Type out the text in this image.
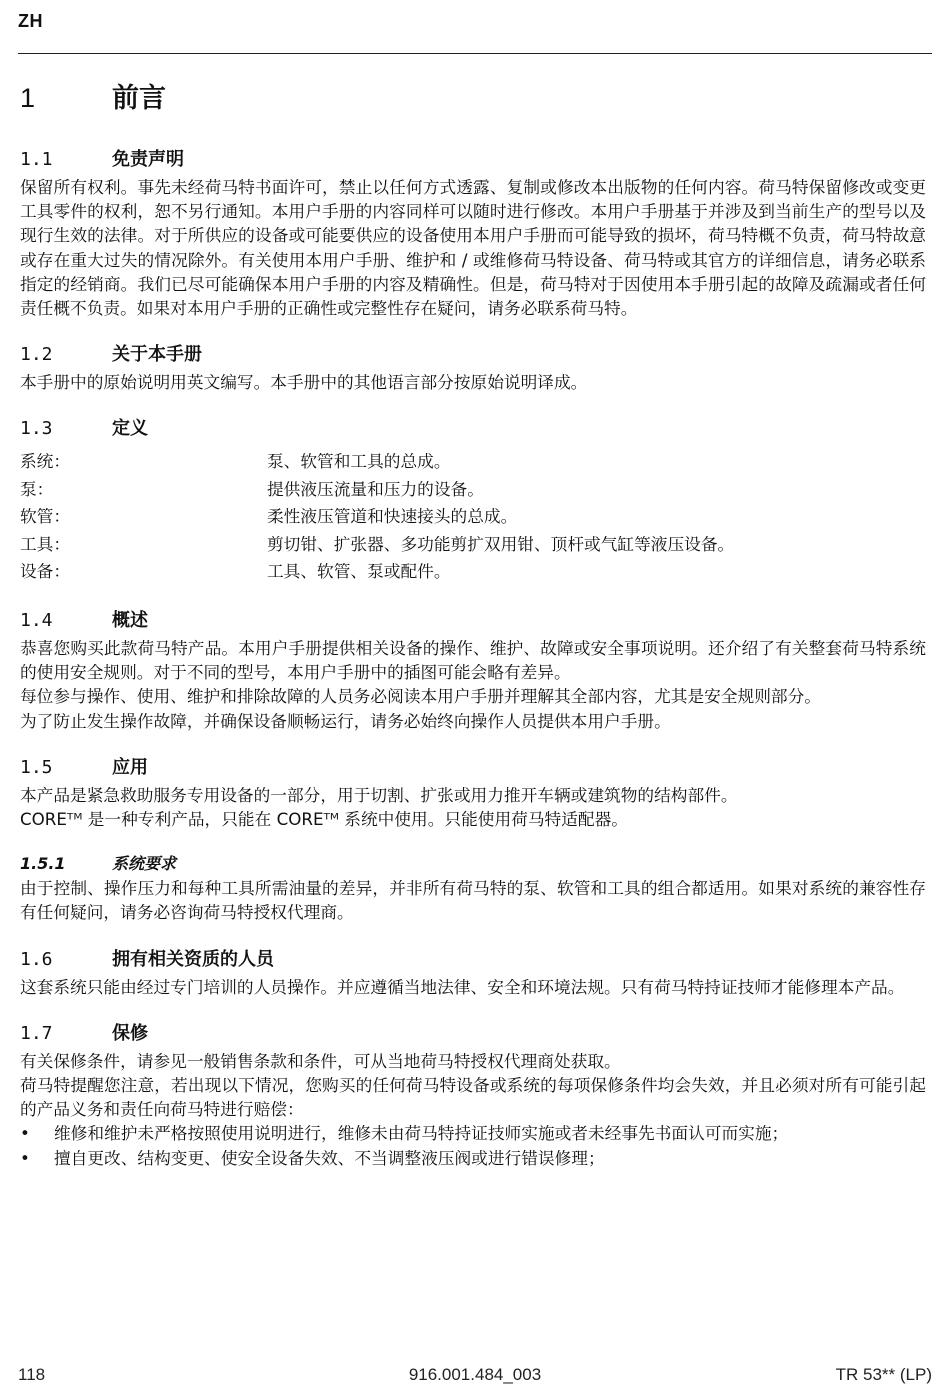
ZH
1	前言
1.1	免责声明

保留所有权利。事先未经荷马特书面许可，禁止以任何方式透露、复制或修改本出版物的任何内容。荷马特保留修改或变更工具零件的权利，恕不另行通知。本用户手册的内容同样可以随时进行修改。本用户手册基于并涉及到当前生产的型号以及现行生效的法律。对于所供应的设备或可能要供应的设备使用本用户手册而可能导致的损坏，荷马特概不负责，荷马特故意或存在重大过失的情况除外。有关使用本用户手册、维护和 / 或维修荷马特设备、荷马特或其官方的详细信息，请务必联系指定的经销商。我们已尽可能确保本用户手册的内容及精确性。但是，荷马特对于因使用本手册引起的故障及疏漏或者任何责任概不负责。如果对本用户手册的正确性或完整性存在疑问，请务必联系荷马特。

1.2	关于本手册

本手册中的原始说明用英文编写。本手册中的其他语言部分按原始说明译成。

1.3	定义
系统：	泵、软管和工具的总成。
泵：	提供液压流量和压力的设备。
软管：	柔性液压管道和快速接头的总成。
工具：	剪切钳、扩张器、多功能剪扩双用钳、顶杆或气缸等液压设备。
设备：	工具、软管、泵或配件。
1.4	概述

恭喜您购买此款荷马特产品。本用户手册提供相关设备的操作、维护、故障或安全事项说明。还介绍了有关整套荷马特系统的使用安全规则。对于不同的型号，本用户手册中的插图可能会略有差异。

每位参与操作、使用、维护和排除故障的人员务必阅读本用户手册并理解其全部内容，尤其是安全规则部分。

为了防止发生操作故障，并确保设备顺畅运行，请务必始终向操作人员提供本用户手册。

1.5	应用

本产品是紧急救助服务专用设备的一部分，用于切割、扩张或用力推开车辆或建筑物的结构部件。

COREᵀᴹ 是一种专利产品，只能在 COREᵀᴹ 系统中使用。只能使用荷马特适配器。

1.5.1	系统要求

由于控制、操作压力和每种工具所需油量的差异，并非所有荷马特的泵、软管和工具的组合都适用。如果对系统的兼容性存有任何疑问，请务必咨询荷马特授权代理商。

1.6	拥有相关资质的人员

这套系统只能由经过专门培训的人员操作。并应遵循当地法律、安全和环境法规。只有荷马特持证技师才能修理本产品。

1.7	保修

有关保修条件，请参见一般销售条款和条件，可从当地荷马特授权代理商处获取。

荷马特提醒您注意，若出现以下情况，您购买的任何荷马特设备或系统的每项保修条件均会失效，并且必须对所有可能引起的产品义务和责任向荷马特进行赔偿：

•	维修和维护未严格按照使用说明进行，维修未由荷马特持证技师实施或者未经事先书面认可而实施；
•	擅自更改、结构变更、使安全设备失效、不当调整液压阀或进行错误修理；
118	916.001.484_003	TR 53** (LP)
